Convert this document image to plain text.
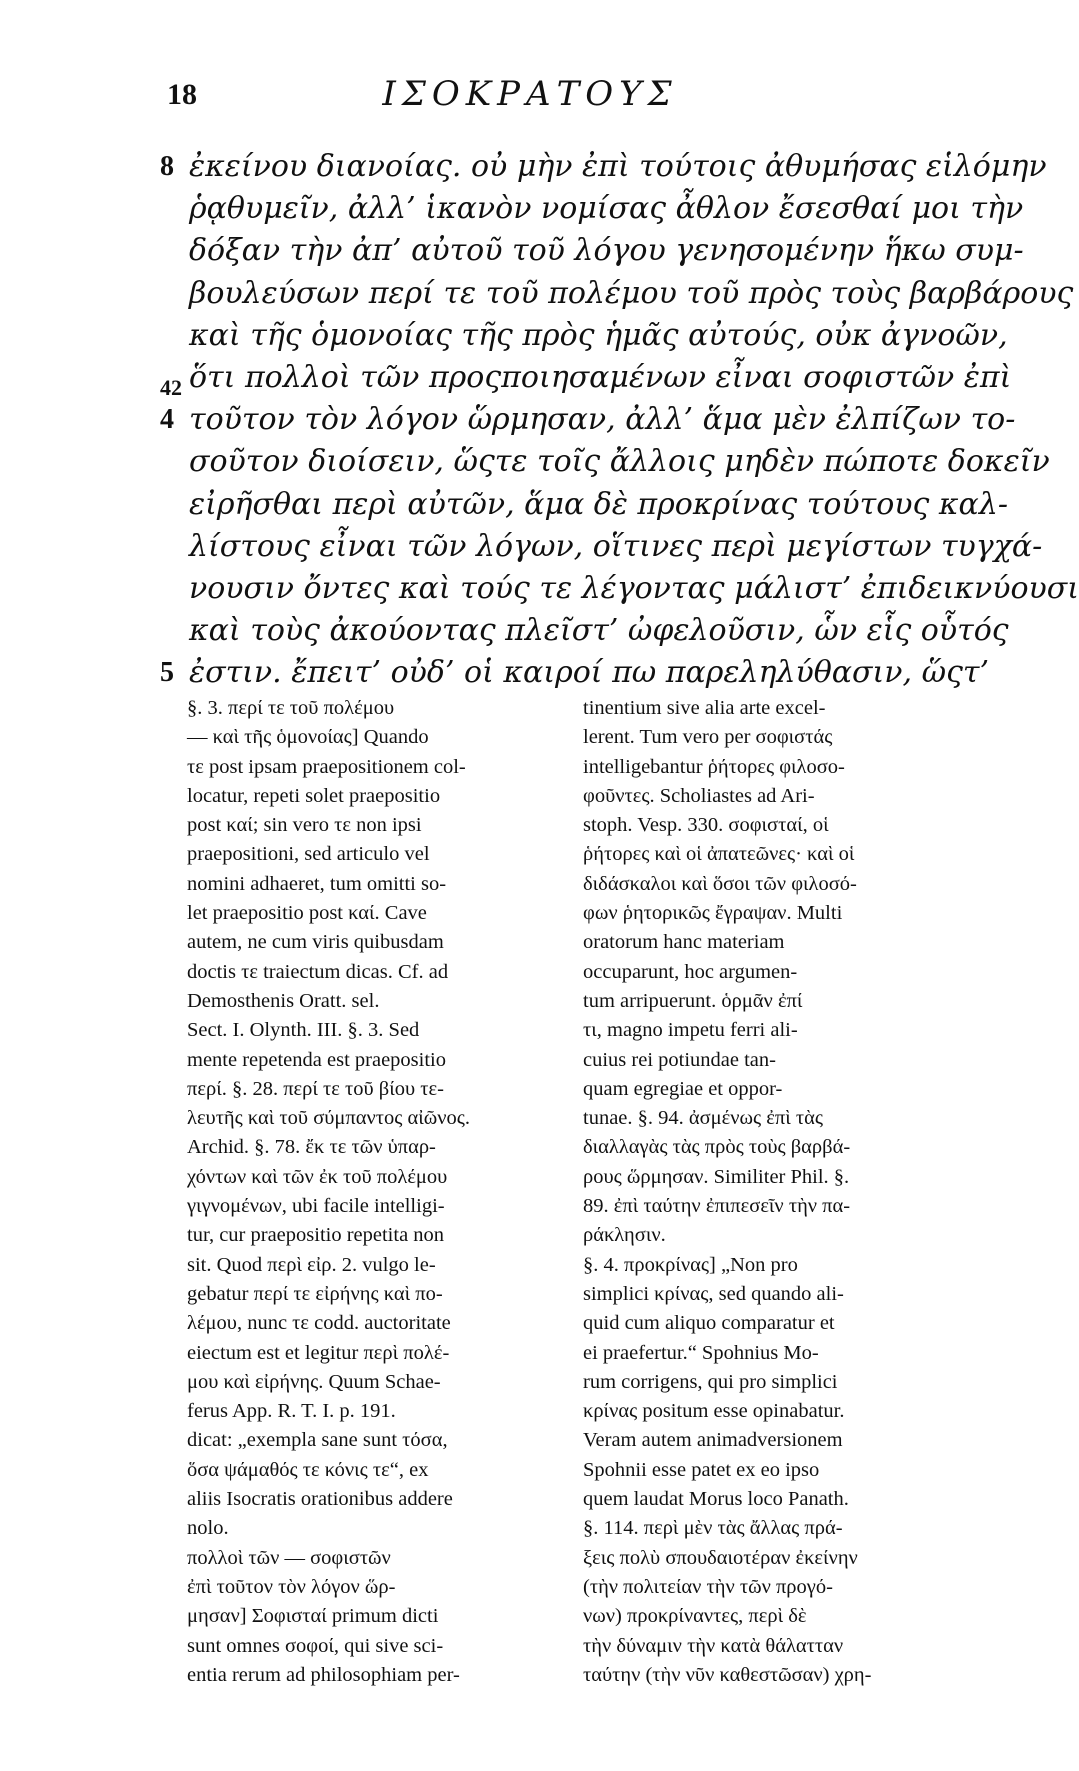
18	ΙΣΟΚΡΑΤΟΥΣ
8 ἐκείνου διανοίας. οὐ μὴν ἐπὶ τούτοις ἀθυμήσας εἱλόμην
ῥᾳθυμεῖν, ἀλλ’ ἱκανὸν νομίσας ἆθλον ἔσεσθαί μοι τὴν
δόξαν τὴν ἀπ’ αὐτοῦ τοῦ λόγου γενησομένην ἥκω συμ-
βουλεύσων περί τε τοῦ πολέμου τοῦ πρὸς τοὺς βαρβάρους
καὶ τῆς ὁμονοίας τῆς πρὸς ἡμᾶς αὐτούς, οὐκ ἀγνοῶν,
ὅτι πολλοὶ τῶν προςποιησαμένων εἶναι σοφιστῶν ἐπὶ
42
4 τοῦτον τὸν λόγον ὥρμησαν, ἀλλ’ ἅμα μὲν ἐλπίζων το-
σοῦτον διοίσειν, ὥςτε τοῖς ἄλλοις μηδὲν πώποτε δοκεῖν
εἰρῆσθαι περὶ αὐτῶν, ἅμα δὲ προκρίνας τούτους καλ-
λίστους εἶναι τῶν λόγων, οἵτινες περὶ μεγίστων τυγχά-
νουσιν ὄντες καὶ τούς τε λέγοντας μάλιστ’ ἐπιδεικνύουσι
καὶ τοὺς ἀκούοντας πλεῖστ’ ὠφελοῦσιν, ὧν εἷς οὗτός
5 ἐστιν. ἔπειτ’ οὐδ’ οἱ καιροί πω παρεληλύθασιν, ὥςτ’
§. 3. περί τε τοῦ πολέμου
— καὶ τῆς ὁμονοίας] Quando
τε post ipsam praepositionem col-
locatur, repeti solet praepositio
post καί; sin vero τε non ipsi
praepositioni, sed articulo vel
nomini adhaeret, tum omitti so-
let praepositio post καί. Cave
autem, ne cum viris quibusdam
doctis τε traiectum dicas. Cf. ad
Demosthenis Oratt. sel.
Sect. I. Olynth. III. §. 3. Sed
mente repetenda est praepositio
περί. §. 28. περί τε τοῦ βίου τε-
λευτῆς καὶ τοῦ σύμπαντος αἰῶνος.
Archid. §. 78. ἔκ τε τῶν ὑπαρ-
χόντων καὶ τῶν ἐκ τοῦ πολέμου
γιγνομένων, ubi facile intelligi-
tur, cur praepositio repetita non
sit. Quod περὶ εἰρ. 2. vulgo le-
gebatur περί τε εἰρήνης καὶ πο-
λέμου, nunc τε codd. auctoritate
eiectum est et legitur περὶ πολέ-
μου καὶ εἰρήνης. Quum Schae-
ferus App. R. T. I. p. 191.
dicat: „exempla sane sunt τόσα,
ὅσα ψάμαθός τε κόνις τε“, ex
aliis Isocratis orationibus addere
nolo.
πολλοὶ τῶν — σοφιστῶν
ἐπὶ τοῦτον τὸν λόγον ὥρ-
μησαν] Σοφισταί primum dicti
sunt omnes σοφοί, qui sive sci-
entia rerum ad philosophiam per-
tinentium sive alia arte excel-
lerent. Tum vero per σοφιστάς
intelligebantur ῥήτορες φιλοσο-
φοῦντες. Scholiastes ad Ari-
stoph. Vesp. 330. σοφισταί, οἱ
ῥήτορες καὶ οἱ ἀπατεῶνες· καὶ οἱ
διδάσκαλοι καὶ ὅσοι τῶν φιλοσό-
φων ῥητορικῶς ἔγραψαν. Multi
oratorum hanc materiam
occuparunt, hoc argumen-
tum arripuerunt. ὁρμᾶν ἐπί
τι, magno impetu ferri ali-
cuius rei potiundae tan-
quam egregiae et oppor-
tunae. §. 94. ἀσμένως ἐπὶ τὰς
διαλλαγὰς τὰς πρὸς τοὺς βαρβά-
ρους ὥρμησαν. Similiter Phil. §.
89. ἐπὶ ταύτην ἐπιπεσεῖν τὴν πα-
ράκλησιν.
§. 4. προκρίνας] „Non pro
simplici κρίνας, sed quando ali-
quid cum aliquo comparatur et
ei praefertur.“ Spohnius Mo-
rum corrigens, qui pro simplici
κρίνας positum esse opinabatur.
Veram autem animadversionem
Spohnii esse patet ex eo ipso
quem laudat Morus loco Panath.
§. 114. περὶ μὲν τὰς ἄλλας πρά-
ξεις πολὺ σπουδαιοτέραν ἐκείνην
(τὴν πολιτείαν τὴν τῶν προγό-
νων) προκρίναντες, περὶ δὲ
τὴν δύναμιν τὴν κατὰ θάλατταν
ταύτην (τὴν νῦν καθεστῶσαν) χρη-
